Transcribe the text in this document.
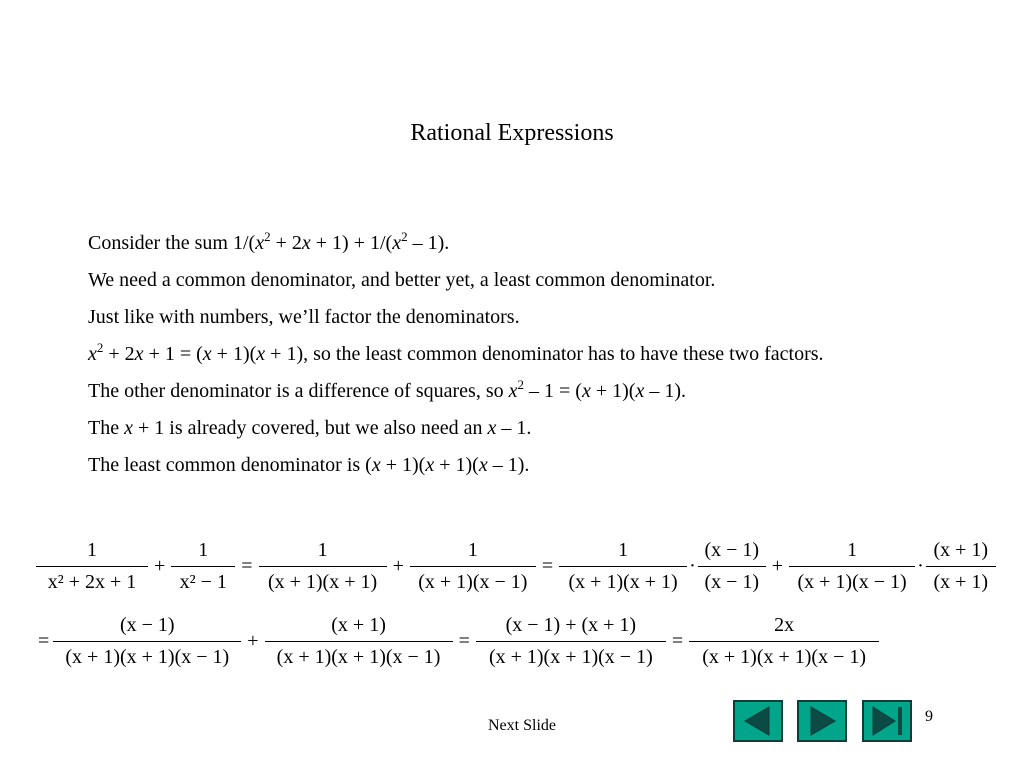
Rational Expressions

Consider the sum $1/(x^2 + 2x + 1) + 1/(x^2 - 1)$.

We need a common denominator, and better yet, a least common denominator.

Just like with numbers, we’ll factor the denominators.

$x^2 + 2x + 1 = (x + 1)(x + 1)$, so the least common denominator has to have these two factors.

The other denominator is a difference of squares, so $x^2 - 1 = (x + 1)(x - 1)$.

The x + 1 is already covered, but we also need an x – 1.

The least common denominator is (x + 1)(x + 1)(x – 1).

$\frac{1}{\text{x² + 2x + 1}} + \frac{1}{\text{x² − 1}} = \frac{1}{(x + 1)(x + 1)} + \frac{1}{(x + 1)(x - 1)} = \frac{1}{(x + 1)(x + 1)} \cdot \frac{(x - 1)}{(x - 1)} + \frac{1}{(x + 1)(x - 1)} \cdot \frac{(x + 1)}{(x + 1)}$
= $\frac{(x - 1)}{(x + 1)(x + 1)(x - 1)} + \frac{(x + 1)}{(x + 1)(x + 1)(x - 1)} = \frac{(x - 1) + (x + 1)}{(x + 1)(x + 1)(x - 1)} = \frac{2x}{(x + 1)(x + 1)(x - 1)}$
Next Slide
9
